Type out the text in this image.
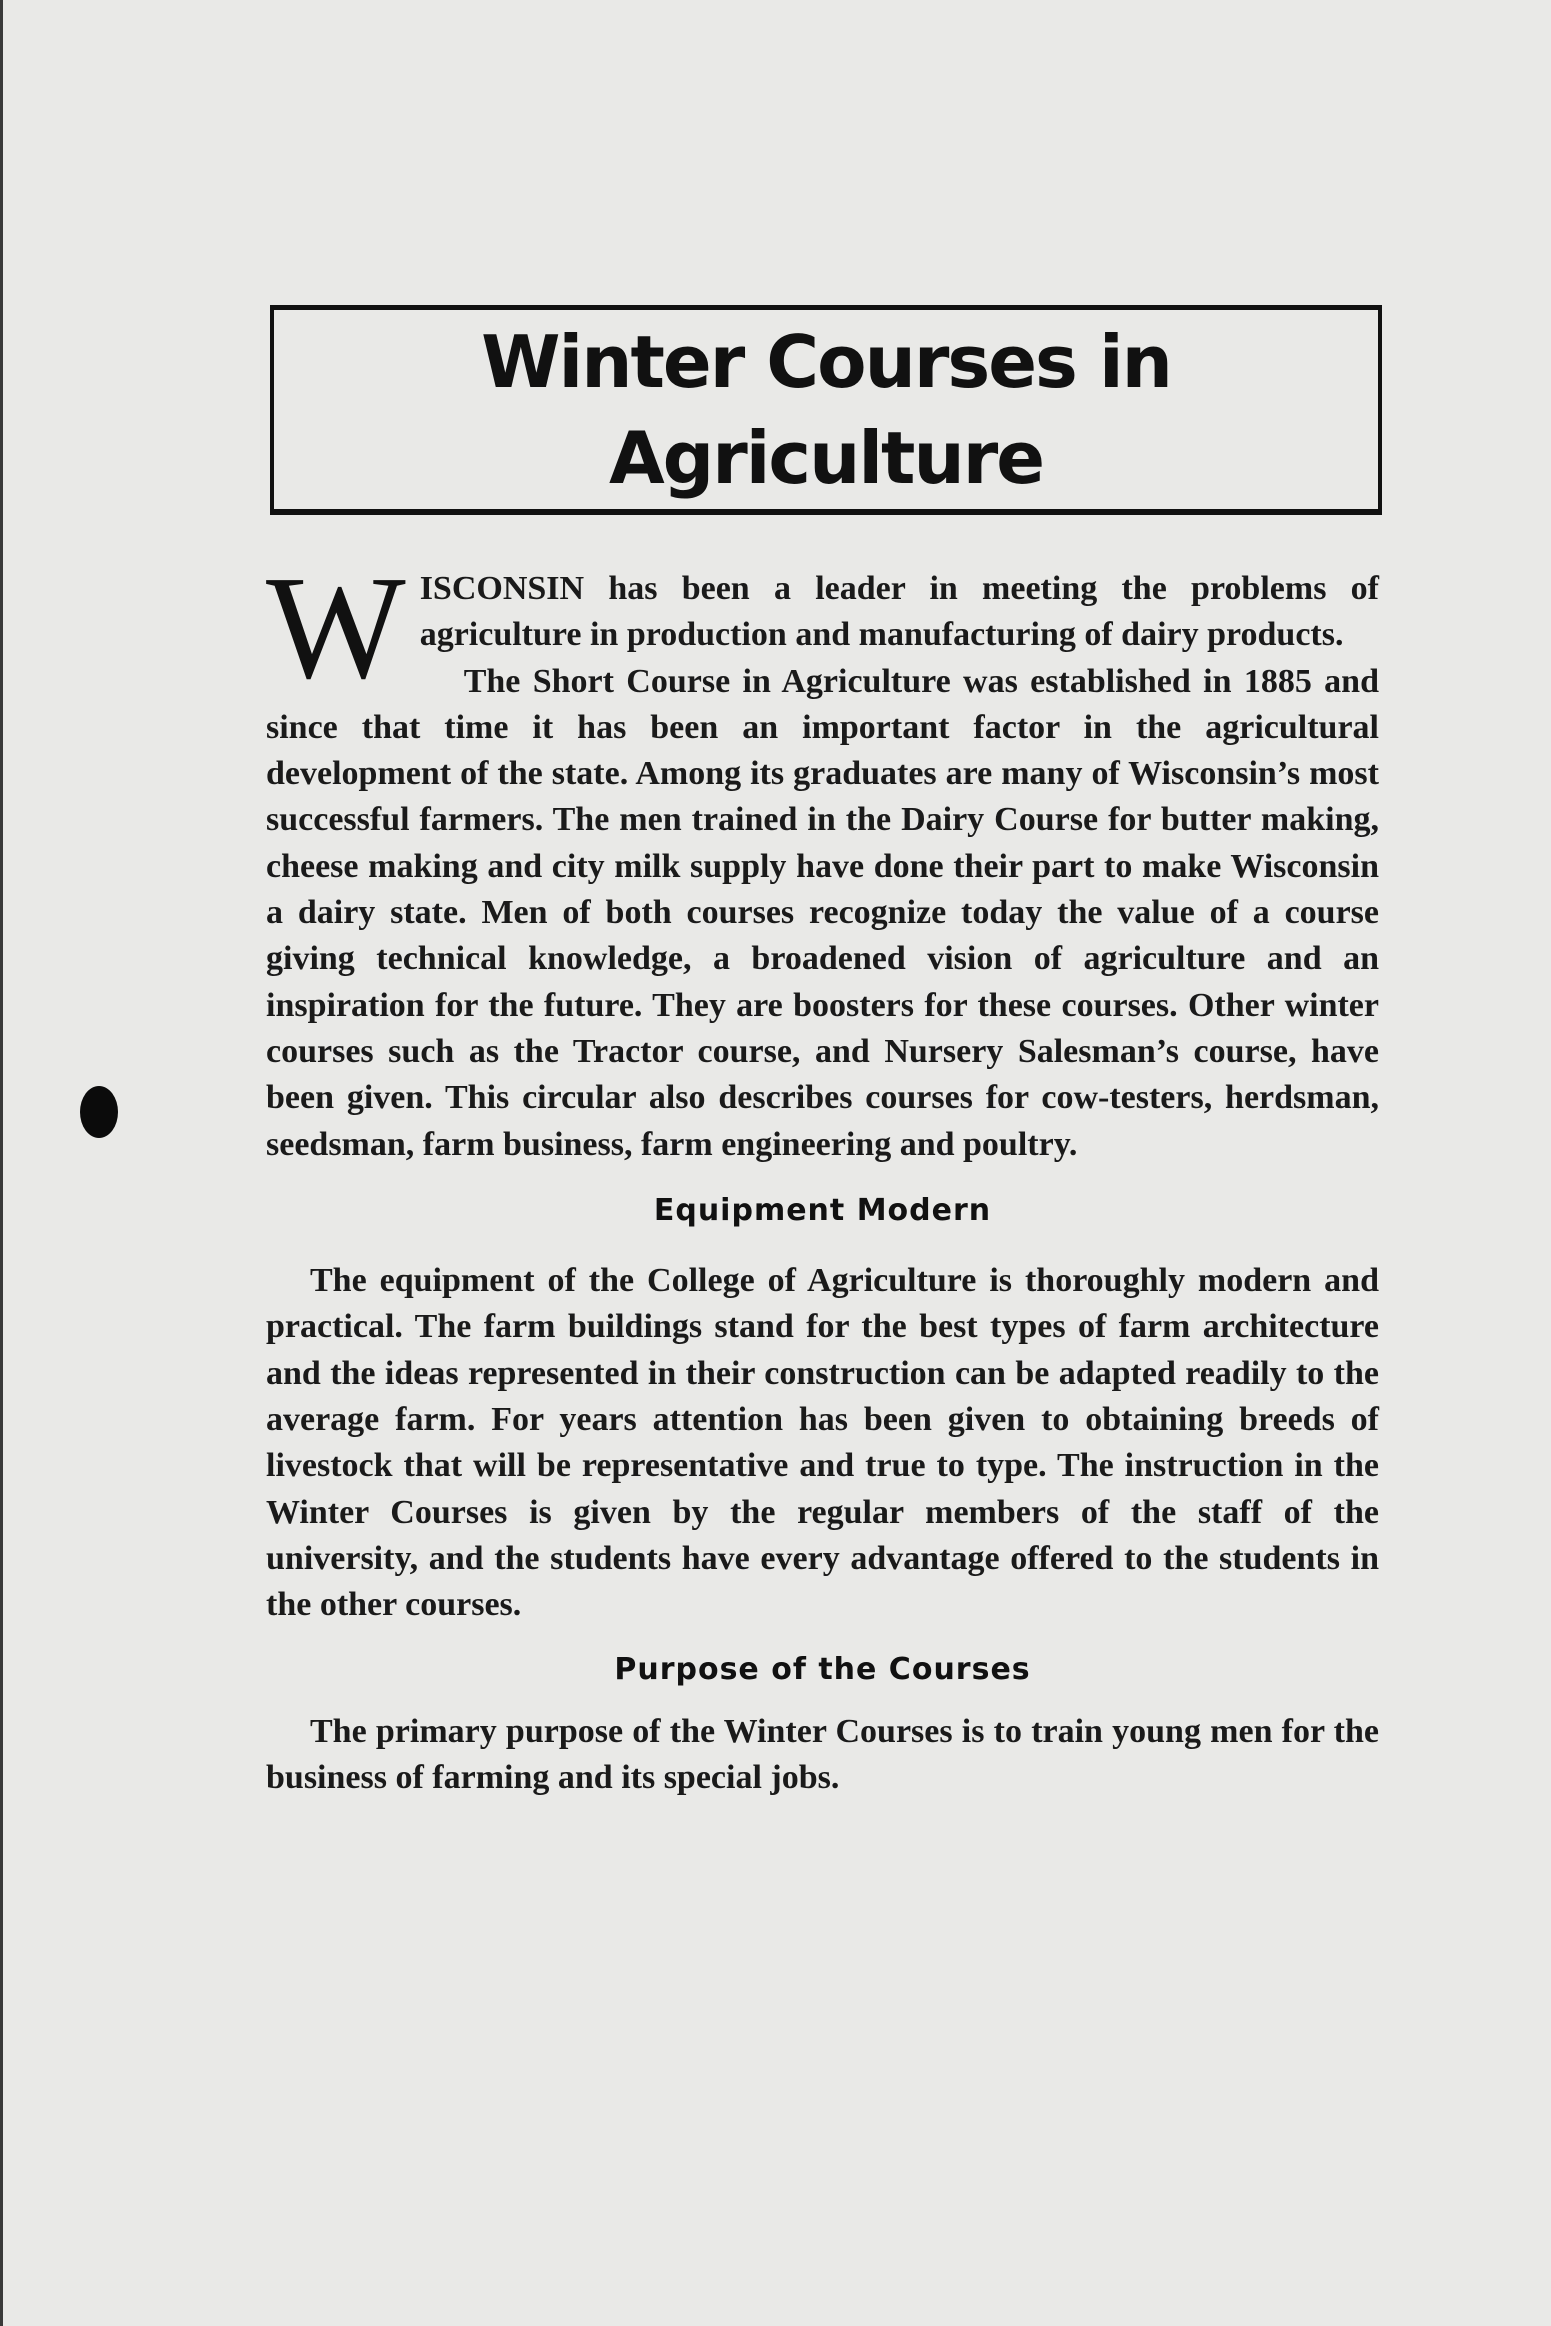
Winter Courses in
Agriculture

WISCONSIN has been a leader in meeting the problems of agriculture in production and manufacturing of dairy products.

The Short Course in Agriculture was established in 1885 and since that time it has been an important factor in the agricultural development of the state. Among its graduates are many of Wisconsin’s most successful farmers. The men trained in the Dairy Course for butter making, cheese making and city milk supply have done their part to make Wisconsin a dairy state. Men of both courses recognize today the value of a course giving technical knowledge, a broadened vision of agriculture and an inspiration for the future. They are boosters for these courses. Other winter courses such as the Tractor course, and Nursery Salesman’s course, have been given. This circular also describes courses for cow-testers, herdsman, seedsman, farm business, farm engineering and poultry.

Equipment Modern

The equipment of the College of Agriculture is thoroughly modern and practical. The farm buildings stand for the best types of farm architecture and the ideas represented in their construction can be adapted readily to the average farm. For years attention has been given to obtaining breeds of livestock that will be representative and true to type. The instruction in the Winter Courses is given by the regular members of the staff of the university, and the students have every advantage offered to the students in the other courses.

Purpose of the Courses

The primary purpose of the Winter Courses is to train young men for the business of farming and its special jobs.
